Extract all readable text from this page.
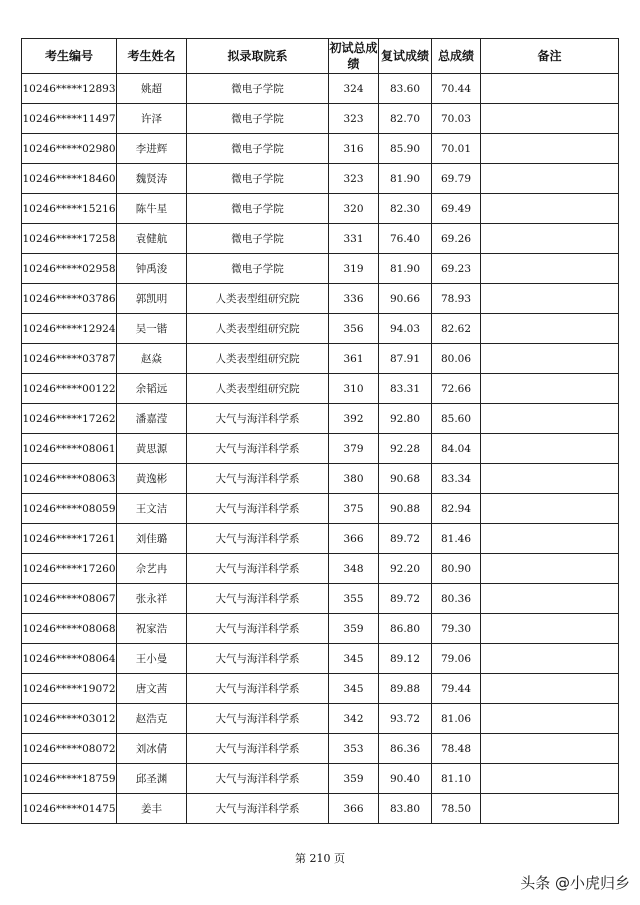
考生编号	考生姓名	拟录取院系	初试总成绩	复试成绩	总成绩	备注
10246*****12893	姚超	微电子学院	324	83.60	70.44	
10246*****11497	许泽	微电子学院	323	82.70	70.03	
10246*****02980	李进辉	微电子学院	316	85.90	70.01	
10246*****18460	魏贤涛	微电子学院	323	81.90	69.79	
10246*****15216	陈牛星	微电子学院	320	82.30	69.49	
10246*****17258	袁健航	微电子学院	331	76.40	69.26	
10246*****02958	钟禹浚	微电子学院	319	81.90	69.23	
10246*****03786	郭凯明	人类表型组研究院	336	90.66	78.93	
10246*****12924	吴一锴	人类表型组研究院	356	94.03	82.62	
10246*****03787	赵焱	人类表型组研究院	361	87.91	80.06	
10246*****00122	余韬远	人类表型组研究院	310	83.31	72.66	
10246*****17262	潘嘉滢	大气与海洋科学系	392	92.80	85.60	
10246*****08061	黄思源	大气与海洋科学系	379	92.28	84.04	
10246*****08063	黄逸彬	大气与海洋科学系	380	90.68	83.34	
10246*****08059	王文洁	大气与海洋科学系	375	90.88	82.94	
10246*****17261	刘佳璐	大气与海洋科学系	366	89.72	81.46	
10246*****17260	佘艺冉	大气与海洋科学系	348	92.20	80.90	
10246*****08067	张永祥	大气与海洋科学系	355	89.72	80.36	
10246*****08068	祝家浩	大气与海洋科学系	359	86.80	79.30	
10246*****08064	王小曼	大气与海洋科学系	345	89.12	79.06	
10246*****19072	唐文茜	大气与海洋科学系	345	89.88	79.44	
10246*****03012	赵浩克	大气与海洋科学系	342	93.72	81.06	
10246*****08072	刘冰倩	大气与海洋科学系	353	86.36	78.48	
10246*****18759	邱圣渊	大气与海洋科学系	359	90.40	81.10	
10246*****01475	姜丰	大气与海洋科学系	366	83.80	78.50	
第 210 页
头条 @小虎归乡
